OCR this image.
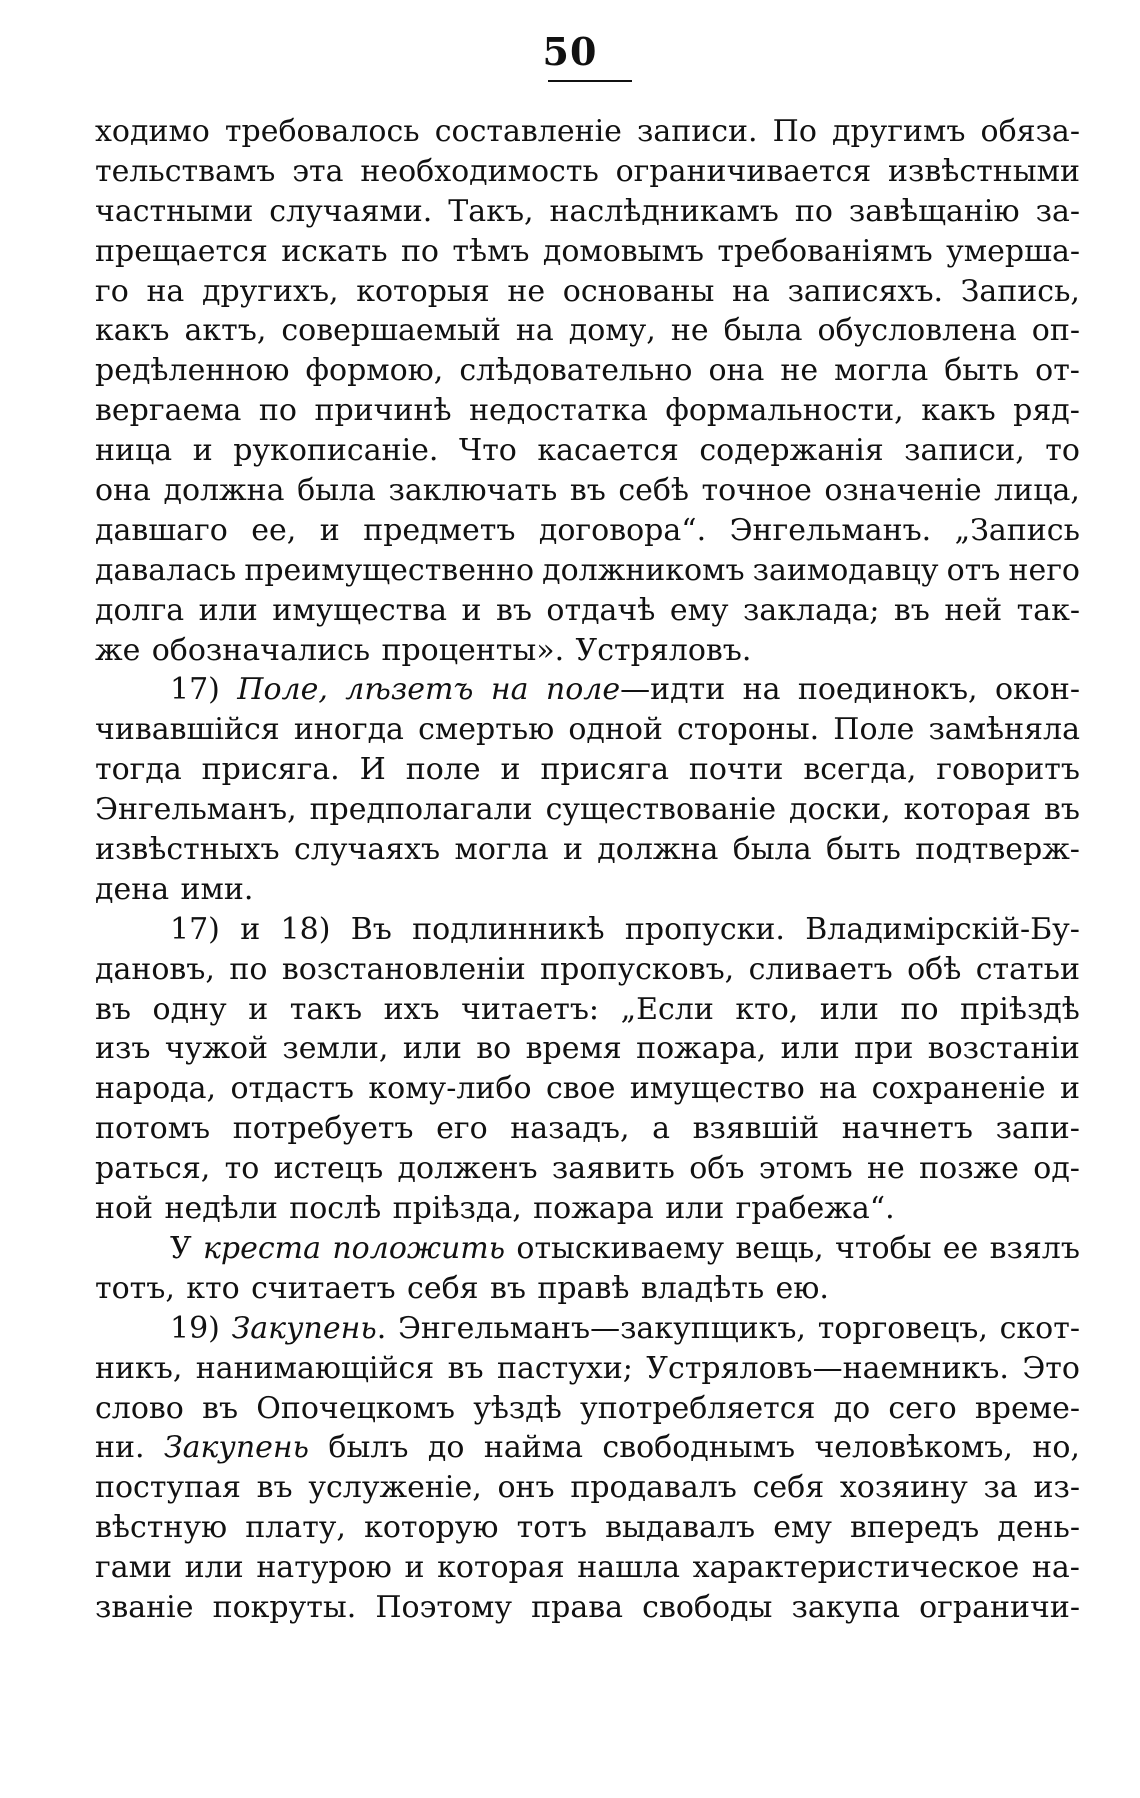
50
ходимо требовалось составленіе записи. По другимъ обяза-
тельствамъ эта необходимость ограничивается извѣстными
частными случаями. Такъ, наслѣдникамъ по завѣщанію за-
прещается искать по тѣмъ домовымъ требованіямъ умерша-
го на другихъ, которыя не основаны на записяхъ. Запись,
какъ актъ, совершаемый на дому, не была обусловлена оп-
редѣленною формою, слѣдовательно она не могла быть от-
вергаема по причинѣ недостатка формальности, какъ ряд-
ница и рукописаніе. Что касается содержанія записи, то
она должна была заключать въ себѣ точное означеніе лица,
давшаго ее, и предметъ договора“. Энгельманъ. „Запись
давалась преимущественно должникомъ заимодавцу отъ него
долга или имущества и въ отдачѣ ему заклада; въ ней так-
же обозначались проценты». Устряловъ.
17) Поле, лѣзетъ на поле—идти на поединокъ, окон-
чивавшійся иногда смертью одной стороны. Поле замѣняла
тогда присяга. И поле и присяга почти всегда, говоритъ
Энгельманъ, предполагали существованіе доски, которая въ
извѣстныхъ случаяхъ могла и должна была быть подтверж-
дена ими.
17) и 18) Въ подлинникѣ пропуски. Владимірскій-Бу-
дановъ, по возстановленіи пропусковъ, сливаетъ обѣ статьи
въ одну и такъ ихъ читаетъ: „Если кто, или по пріѣздѣ
изъ чужой земли, или во время пожара, или при возстаніи
народа, отдастъ кому-либо свое имущество на сохраненіе и
потомъ потребуетъ его назадъ, а взявшій начнетъ запи-
раться, то истецъ долженъ заявить объ этомъ не позже од-
ной недѣли послѣ пріѣзда, пожара или грабежа“.
У креста положить отыскиваему вещь, чтобы ее взялъ
тотъ, кто считаетъ себя въ правѣ владѣть ею.
19) Закупень. Энгельманъ—закупщикъ, торговецъ, скот-
никъ, нанимающійся въ пастухи; Устряловъ—наемникъ. Это
слово въ Опочецкомъ уѣздѣ употребляется до сего време-
ни. Закупень былъ до найма свободнымъ человѣкомъ, но,
поступая въ услуженіе, онъ продавалъ себя хозяину за из-
вѣстную плату, которую тотъ выдавалъ ему впередъ день-
гами или натурою и которая нашла характеристическое на-
званіе покруты. Поэтому права свободы закупа ограничи-
